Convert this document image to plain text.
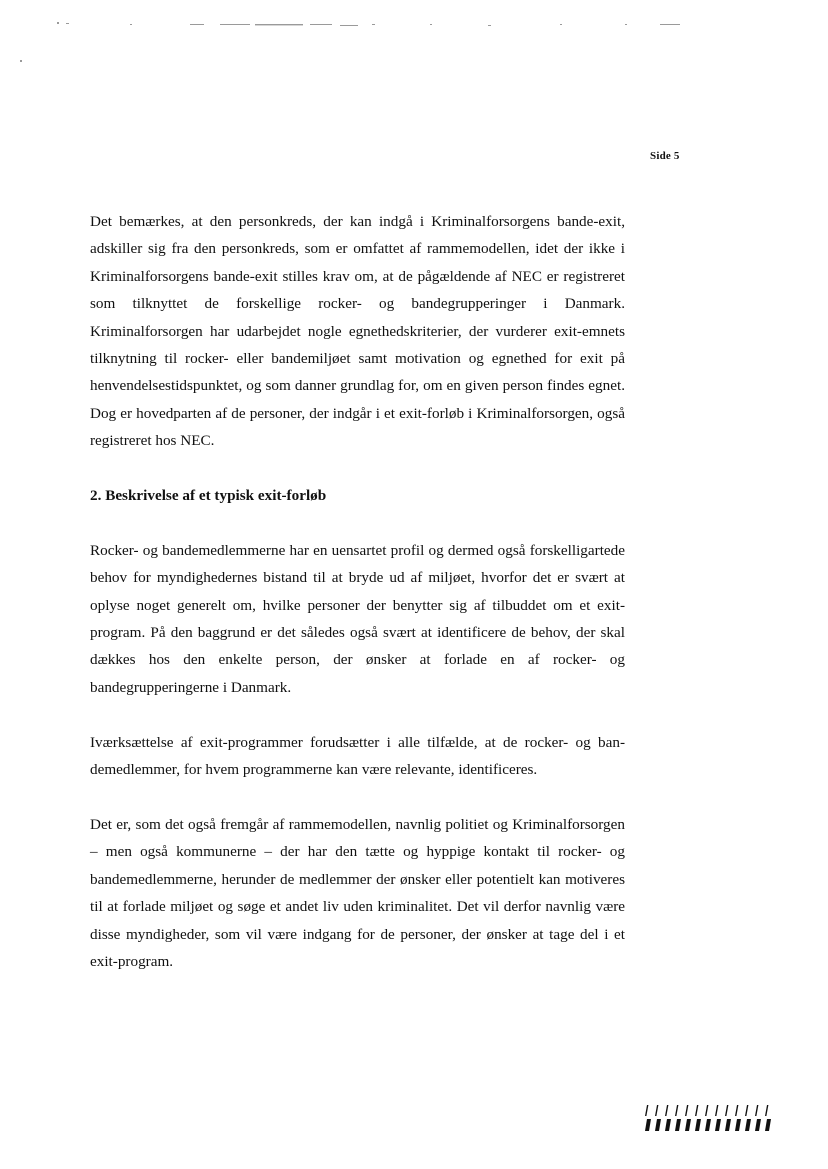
Side 5

Det bemærkes, at den personkreds, der kan indgå i Kriminalforsorgens bande-exit, adskiller sig fra den personkreds, som er omfattet af rammemodellen, idet der ikke i Kriminalforsorgens bande-exit stilles krav om, at de pågældende af NEC er registreret som tilknyttet de forskellige rocker- og bandegrupperinger i Danmark. Kriminalforsorgen har udarbejdet nogle egnethedskriterier, der vurderer exit-emnets tilknytning til rocker- eller bandemiljøet samt motivation og egnethed for exit på henvendelsestidspunktet, og som danner grundlag for, om en given person findes egnet. Dog er hovedparten af de personer, der indgår i et exit-forløb i Kriminalforsorgen, også registreret hos NEC.

2. Beskrivelse af et typisk exit-forløb

Rocker- og bandemedlemmerne har en uensartet profil og dermed også forskelligartede behov for myndighedernes bistand til at bryde ud af miljøet, hvorfor det er svært at oplyse noget generelt om, hvilke personer der benytter sig af tilbuddet om et exit-program. På den baggrund er det således også svært at identificere de behov, der skal dækkes hos den enkelte person, der ønsker at forlade en af rocker- og bandegrupperingerne i Danmark.

Iværksættelse af exit-programmer forudsætter i alle tilfælde, at de rocker- og bandemedlemmer, for hvem programmerne kan være relevante, identificeres.

Det er, som det også fremgår af rammemodellen, navnlig politiet og Kriminalforsorgen – men også kommunerne – der har den tætte og hyppige kontakt til rocker- og bandemedlemmerne, herunder de medlemmer der ønsker eller potentielt kan motiveres til at forlade miljøet og søge et andet liv uden kriminalitet. Det vil derfor navnlig være disse myndigheder, som vil være indgang for de personer, der ønsker at tage del i et exit-program.
